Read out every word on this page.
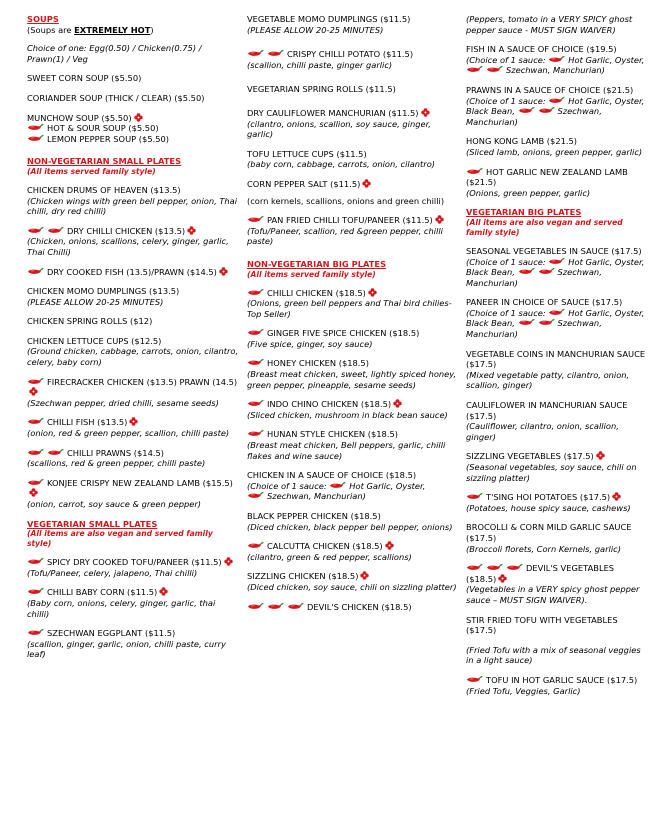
SOUPS
(Soups are EXTREMELY HOT)
Choice of one: Egg(0.50) / Chicken(0.75) / Prawn(1) / Veg
SWEET CORN SOUP ($5.50)
CORIANDER SOUP (THICK / CLEAR) ($5.50)
MUNCHOW SOUP ($5.50)
HOT & SOUR SOUP ($5.50)
LEMON PEPPER SOUP ($5.50)
NON-VEGETARIAN SMALL PLATES
(All items served family style)
CHICKEN DRUMS OF HEAVEN ($13.5)
(Chicken wings with green bell pepper, onion, Thai chilli, dry red chilli)
DRY CHILLI CHICKEN ($13.5)
(Chicken, onions, scallions, celery, ginger, garlic, Thai Chilli)
DRY COOKED FISH (13.5)/PRAWN ($14.5)
CHICKEN MOMO DUMPLINGS ($13.5)
(PLEASE ALLOW 20-25 MINUTES)
CHICKEN SPRING ROLLS ($12)
CHICKEN LETTUCE CUPS ($12.5)
(Ground chicken, cabbage, carrots, onion, cilantro, celery, baby corn)
FIRECRACKER CHICKEN ($13.5) PRAWN (14.5)
(Szechwan pepper, dried chilli, sesame seeds)
CHILLI FISH ($13.5)
(onion, red & green pepper, scallion, chilli paste)
CHILLI PRAWNS ($14.5)
(scallions, red & green pepper, chilli paste)
KONJEE CRISPY NEW ZEALAND LAMB ($15.5)
(onion, carrot, soy sauce & green pepper)
VEGETARIAN SMALL PLATES
(All items are also vegan and served family style)
SPICY DRY COOKED TOFU/PANEER ($11.5)
(Tofu/Paneer, celery, jalapeno, Thai chilli)
CHILLI BABY CORN ($11.5)
(Baby corn, onions, celery, ginger, garlic, thai chilli)
SZECHWAN EGGPLANT ($11.5)
(scallion, ginger, garlic, onion, chilli paste, curry leaf)
VEGETABLE MOMO DUMPLINGS ($11.5)
(PLEASE ALLOW 20-25 MINUTES)
CRISPY CHILLI POTATO ($11.5)
(scallion, chilli paste, ginger garlic)
VEGETARIAN SPRING ROLLS ($11.5)
DRY CAULIFLOWER MANCHURIAN ($11.5)
(cilantro, onions, scallion, soy sauce, ginger, garlic)
TOFU LETTUCE CUPS ($11.5)
(baby corn, cabbage, carrots, onion, cilantro)
CORN PEPPER SALT ($11.5)
(corn kernels, scallions, onions and green chilli)
PAN FRIED CHILLI TOFU/PANEER ($11.5)
(Tofu/Paneer, scallion, red &green pepper, chilli paste)
NON-VEGETARIAN BIG PLATES
(All items served family style)
CHILLI CHICKEN ($18.5)
(Onions, green bell peppers and Thai bird chilies- Top Seller)
GINGER FIVE SPICE CHICKEN ($18.5)
(Five spice, ginger, soy sauce)
HONEY CHICKEN ($18.5)
(Breast meat chicken, sweet, lightly spiced honey, green pepper, pineapple, sesame seeds)
INDO CHINO CHICKEN ($18.5)
(Sliced chicken, mushroom in black bean sauce)
HUNAN STYLE CHICKEN ($18.5)
(Breast meat chicken, Bell peppers, garlic, chilli flakes and wine sauce)
CHICKEN IN A SAUCE OF CHOICE ($18.5)
(Choice of 1 sauce:	Hot Garlic, Oyster,

Szechwan, Manchurian)
BLACK PEPPER CHICKEN ($18.5)
(Diced chicken, black pepper bell pepper, onions)
CALCUTTA CHICKEN ($18.5)
(cilantro, green & red pepper, scallions)
SIZZLING CHICKEN ($18.5)
(Diced chicken, soy sauce, chili on sizzling platter)
DEVIL'S CHICKEN ($18.5)
(Peppers, tomato in a VERY SPICY ghost pepper sauce - MUST SIGN WAIVER)
FISH IN A SAUCE OF CHOICE ($19.5)
(Choice of 1 sauce:	Hot Garlic, Oyster,

Szechwan, Manchurian)
PRAWNS IN A SAUCE OF CHOICE ($21.5)
(Choice of 1 sauce:	Hot Garlic, Oyster, Black Bean,	Szechwan, Manchurian)
HONG KONG LAMB ($21.5)
(Sliced lamb, onions, green pepper, garlic)
HOT GARLIC NEW ZEALAND LAMB ($21.5)
(Onions, green pepper, garlic)
VEGETARIAN BIG PLATES
(All items are also vegan and served family style)
SEASONAL VEGETABLES IN SAUCE ($17.5)
(Choice of 1 sauce:	Hot Garlic, Oyster, Black Bean,	Szechwan, Manchurian)
PANEER IN CHOICE OF SAUCE ($17.5)
(Choice of 1 sauce:	Hot Garlic, Oyster, Black Bean,	Szechwan, Manchurian)
VEGETABLE COINS IN MANCHURIAN SAUCE ($17.5)
(Mixed vegetable patty, cilantro, onion, scallion, ginger)
CAULIFLOWER IN MANCHURIAN SAUCE ($17.5)
(Cauliflower, cilantro, onion, scallion, ginger)
SIZZLING VEGETABLES ($17.5)
(Seasonal vegetables, soy sauce, chili on sizzling platter)
T'SING HOI POTATOES ($17.5)
(Potatoes, house spicy sauce, cashews)
BROCOLLI & CORN MILD GARLIC SAUCE ($17.5)
(Broccoli florets, Corn Kernels, garlic)
DEVIL'S VEGETABLES ($18.5)
(Vegetables in a VERY spicy ghost pepper sauce – MUST SIGN WAIVER).
STIR FRIED TOFU WITH VEGETABLES ($17.5)
(Fried Tofu with a mix of seasonal veggies in a light sauce)
TOFU IN HOT GARLIC SAUCE ($17.5)
(Fried Tofu, Veggies, Garlic)
